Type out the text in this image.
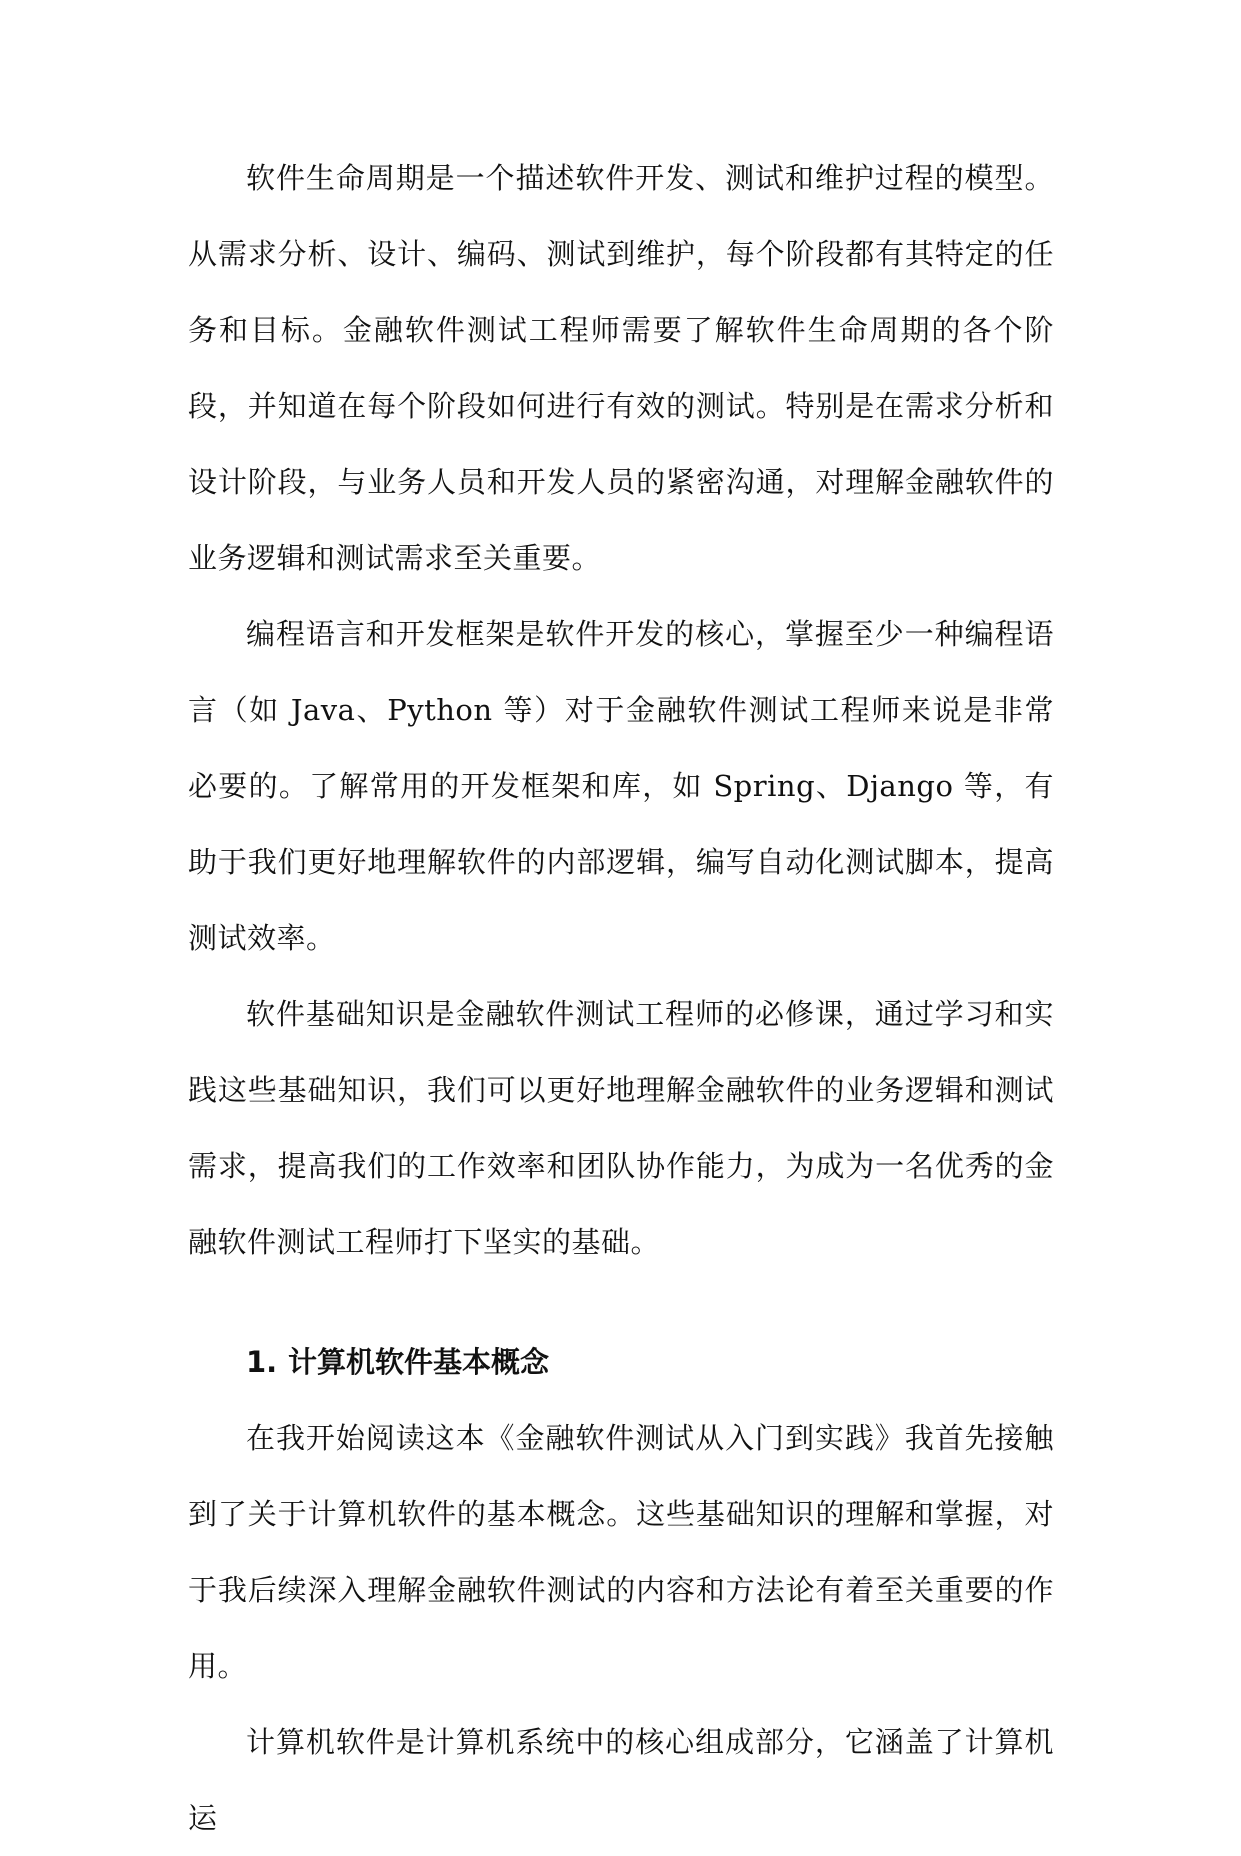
软件生命周期是一个描述软件开发、测试和维护过程的模型。从需求分析、设计、编码、测试到维护，每个阶段都有其特定的任务和目标。金融软件测试工程师需要了解软件生命周期的各个阶段，并知道在每个阶段如何进行有效的测试。特别是在需求分析和设计阶段，与业务人员和开发人员的紧密沟通，对理解金融软件的业务逻辑和测试需求至关重要。

编程语言和开发框架是软件开发的核心，掌握至少一种编程语言（如 Java、Python 等）对于金融软件测试工程师来说是非常必要的。了解常用的开发框架和库，如 Spring、Django 等，有助于我们更好地理解软件的内部逻辑，编写自动化测试脚本，提高测试效率。

软件基础知识是金融软件测试工程师的必修课，通过学习和实践这些基础知识，我们可以更好地理解金融软件的业务逻辑和测试需求，提高我们的工作效率和团队协作能力，为成为一名优秀的金融软件测试工程师打下坚实的基础。

1. 计算机软件基本概念

在我开始阅读这本《金融软件测试从入门到实践》我首先接触到了关于计算机软件的基本概念。这些基础知识的理解和掌握，对于我后续深入理解金融软件测试的内容和方法论有着至关重要的作用。

计算机软件是计算机系统中的核心组成部分，它涵盖了计算机运
